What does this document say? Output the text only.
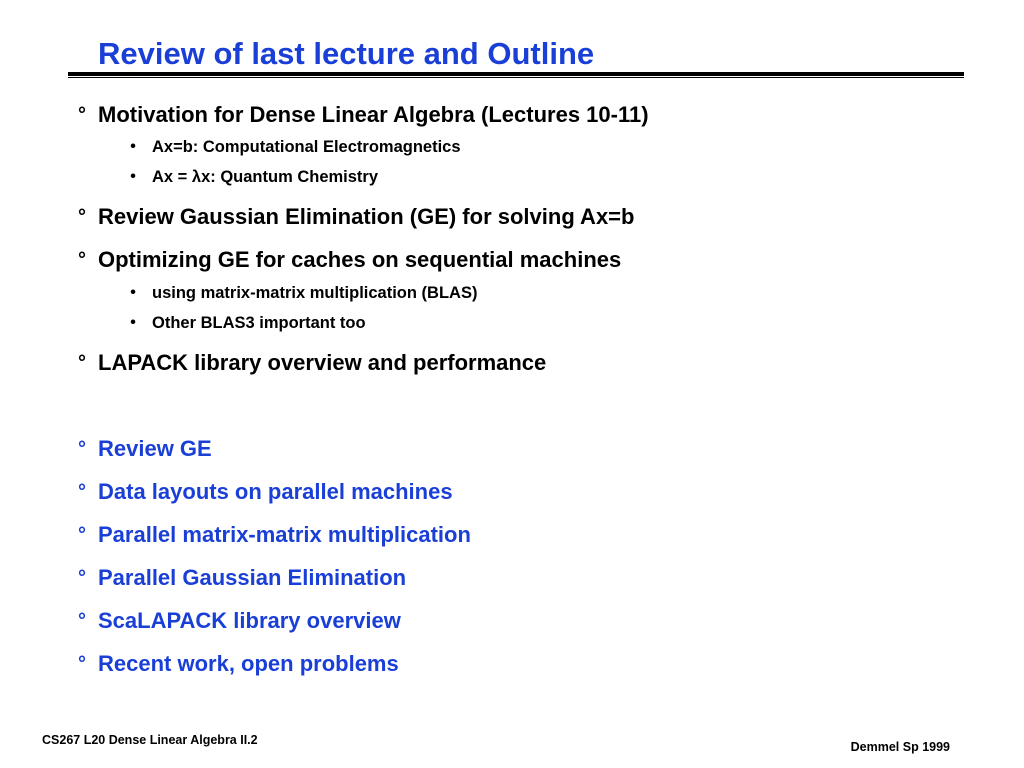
Review of last lecture and Outline
° Motivation for Dense Linear Algebra (Lectures 10-11)
• Ax=b: Computational Electromagnetics
• Ax = λx: Quantum Chemistry
° Review Gaussian Elimination (GE) for solving Ax=b
° Optimizing GE for caches on sequential machines
• using matrix-matrix multiplication (BLAS)
• Other BLAS3 important too
° LAPACK library overview and performance
° Review GE
° Data layouts on parallel machines
° Parallel matrix-matrix multiplication
° Parallel Gaussian Elimination
° ScaLAPACK library overview
° Recent work, open problems
CS267 L20 Dense Linear Algebra II.2	Demmel Sp 1999
